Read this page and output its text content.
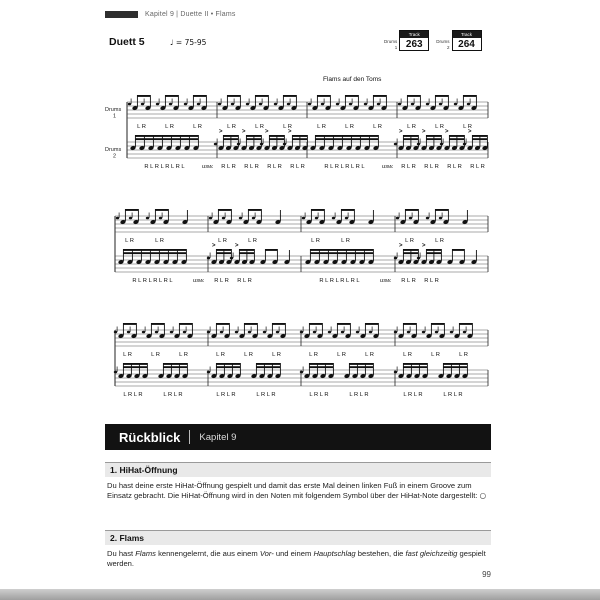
Kapitel 9 | Duette II • Flams
Duett 5	♩ = 75-95	Drums
1
Track
263	Drums
2
Track
264
Flams auf den Toms
Drums
1
L R	L R	L R	L R	L R	L R	L R	L R	L R	L R	L R	L R
Drums
2
usw.	usw.
R L R L R L R L
>
R L R
>
R L R
>
R L R
>
R L R	R L R L R L R L
>
R L R
>
R L R
>
R L R
>
R L R
L R	L R	L R	L R	L R	L R	L R	L R
usw.	usw.
R L R L R L R L
>
R L R
>
R L R	R L R L R L R L
>
R L R
>
R L R
L R	L R	L R	L R	L R	L R	L R	L R	L R	L R	L R	L R
L R L R	L R L R	L R L R	L R L R	L R L R	L R L R	L R L R	L R L R
Rückblick Kapitel 9
1. HiHat-Öffnung
Du hast deine erste HiHat-Öffnung gespielt und damit das erste Mal deinen linken Fuß in einem Groove zum Einsatz gebracht. Die HiHat-Öffnung wird in den Noten mit folgendem Symbol über der HiHat-Note dargestellt: ○
2. Flams
Du hast Flams kennengelernt, die aus einem Vor- und einem Hauptschlag bestehen, die fast gleichzeitig gespielt werden.
99
